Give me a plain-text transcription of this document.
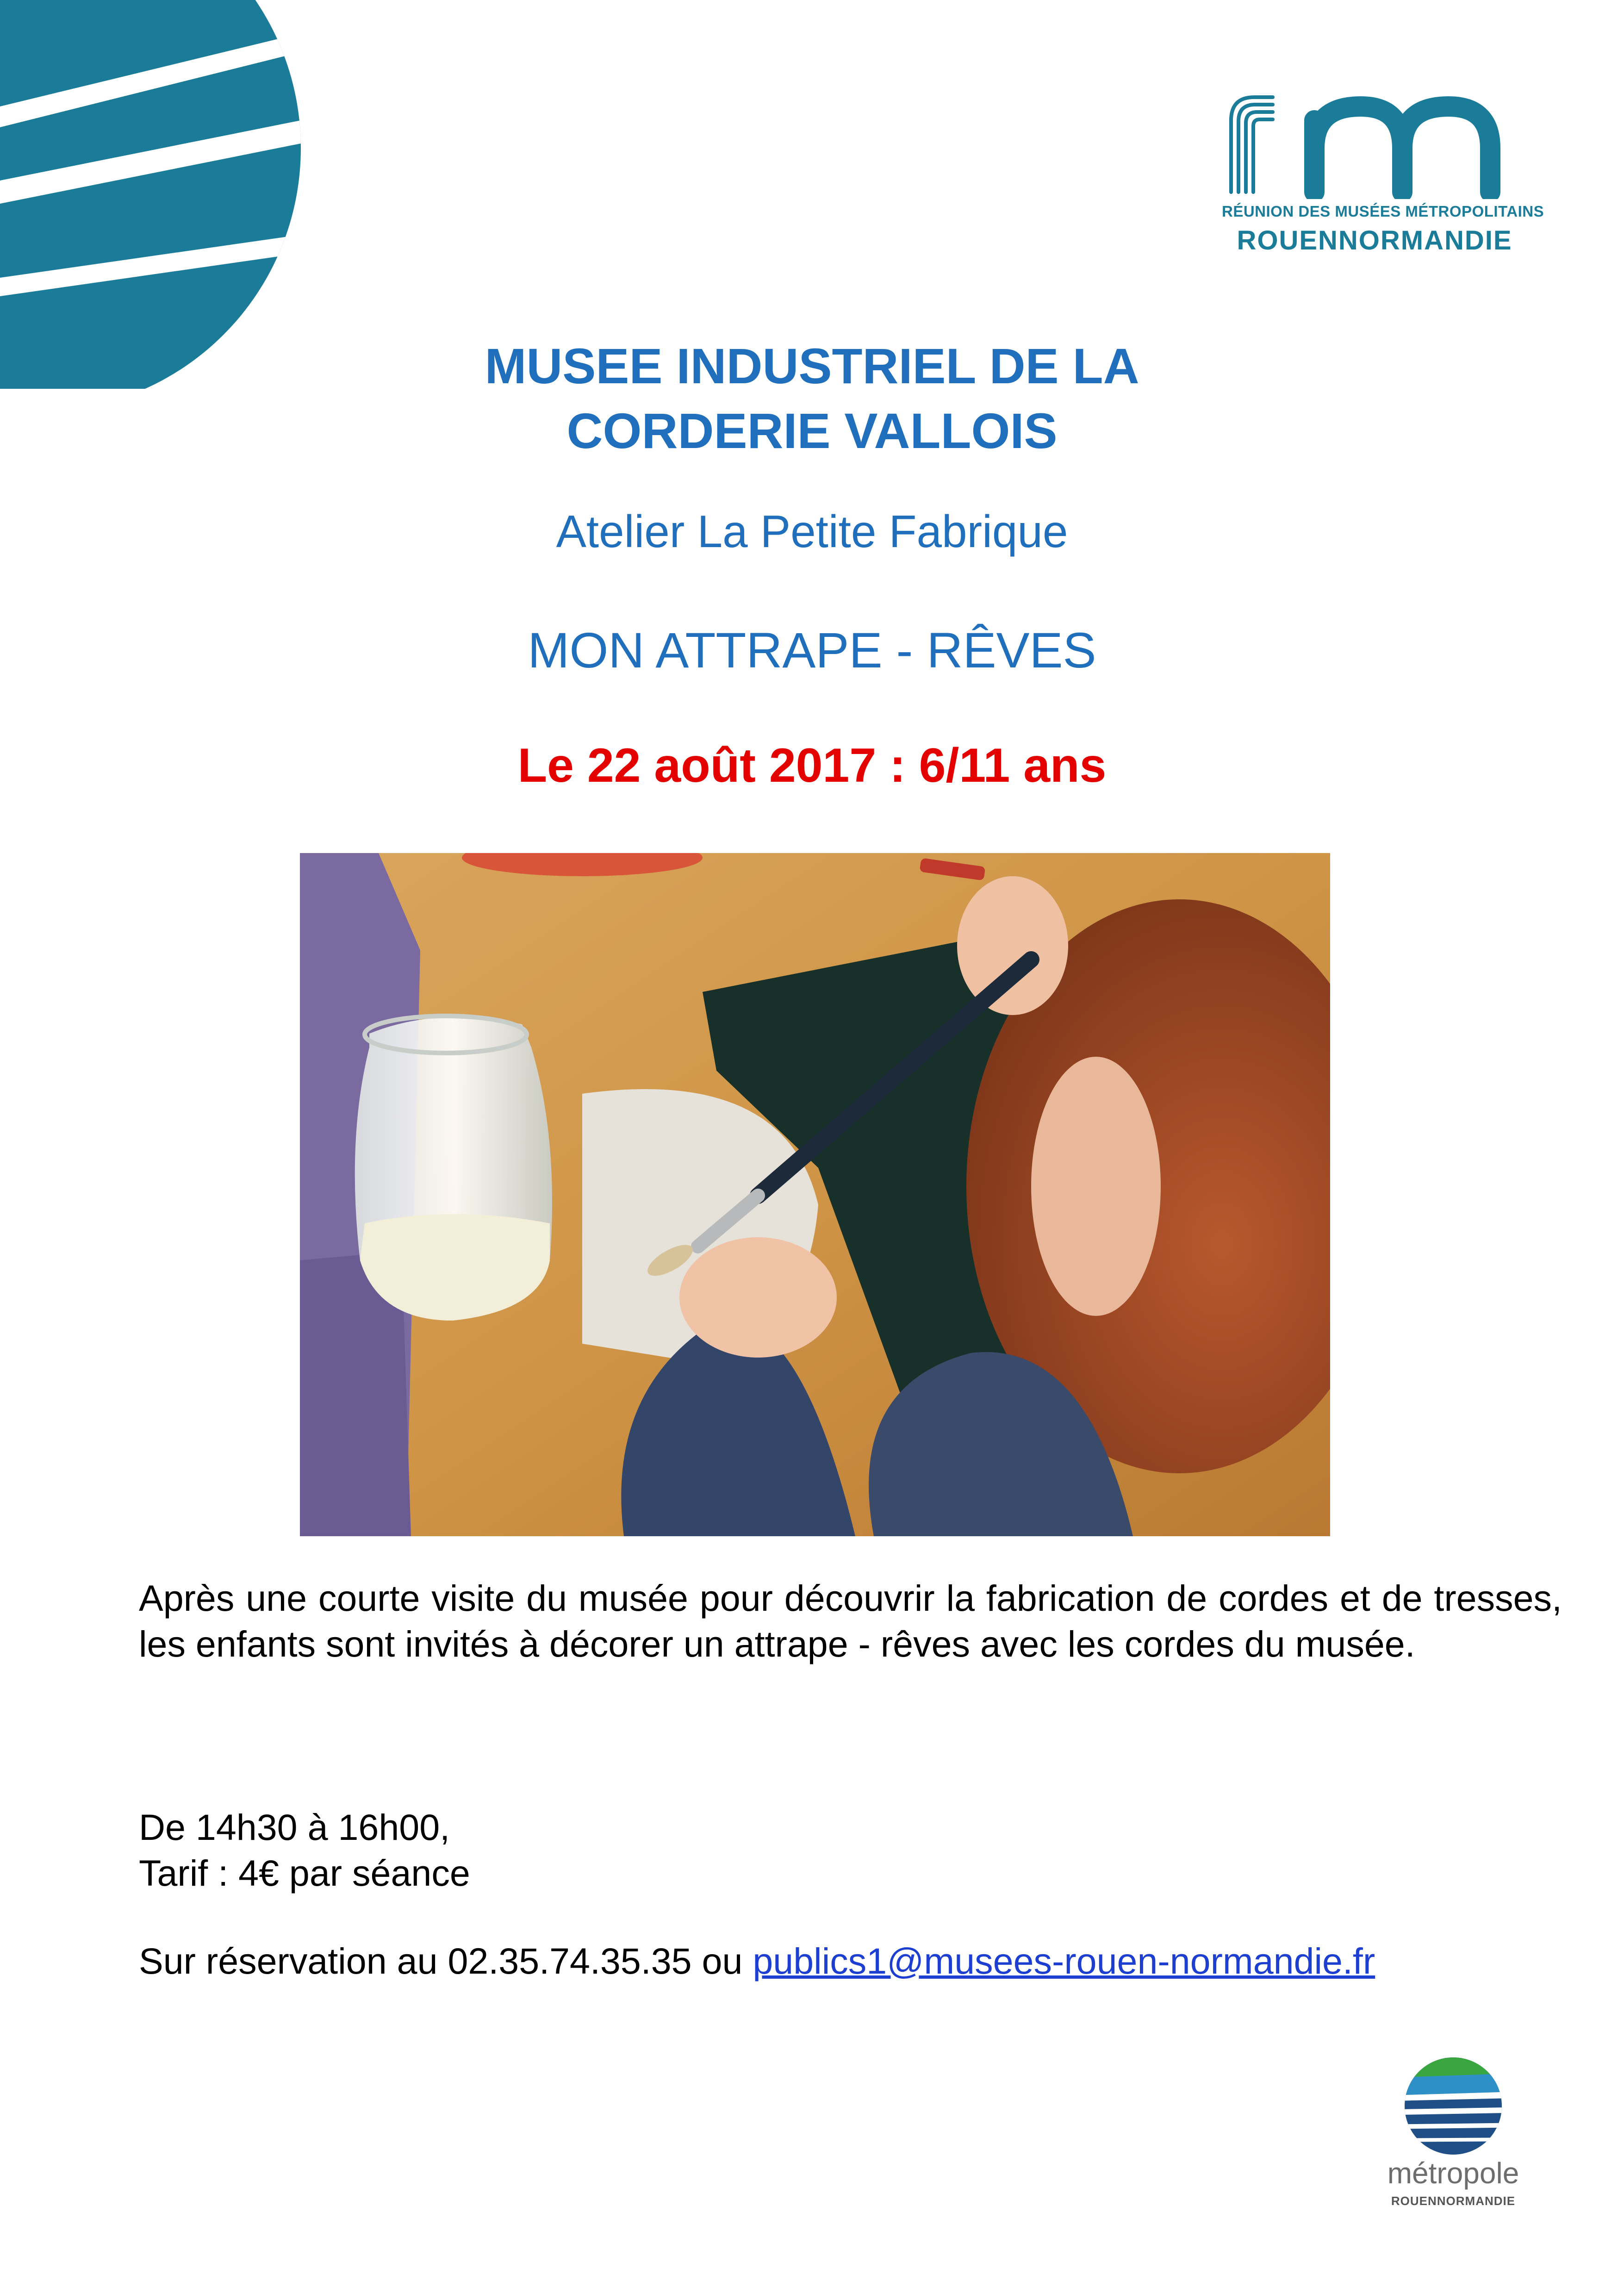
RÉUNION DES MUSÉES MÉTROPOLITAINS
ROUENNORMANDIE
MUSEE INDUSTRIEL DE LA
CORDERIE VALLOIS
Atelier La Petite Fabrique
MON ATTRAPE - RÊVES
Le 22 août 2017 : 6/11 ans
Après une courte visite du musée pour découvrir la fabrication de cordes et de tresses, les enfants sont invités à décorer un attrape - rêves avec les cordes du musée.
De 14h30 à 16h00,
Tarif : 4€ par séance
Sur réservation au 02.35.74.35.35 ou publics1@musees-rouen-normandie.fr
métropole
ROUENNORMANDIE
